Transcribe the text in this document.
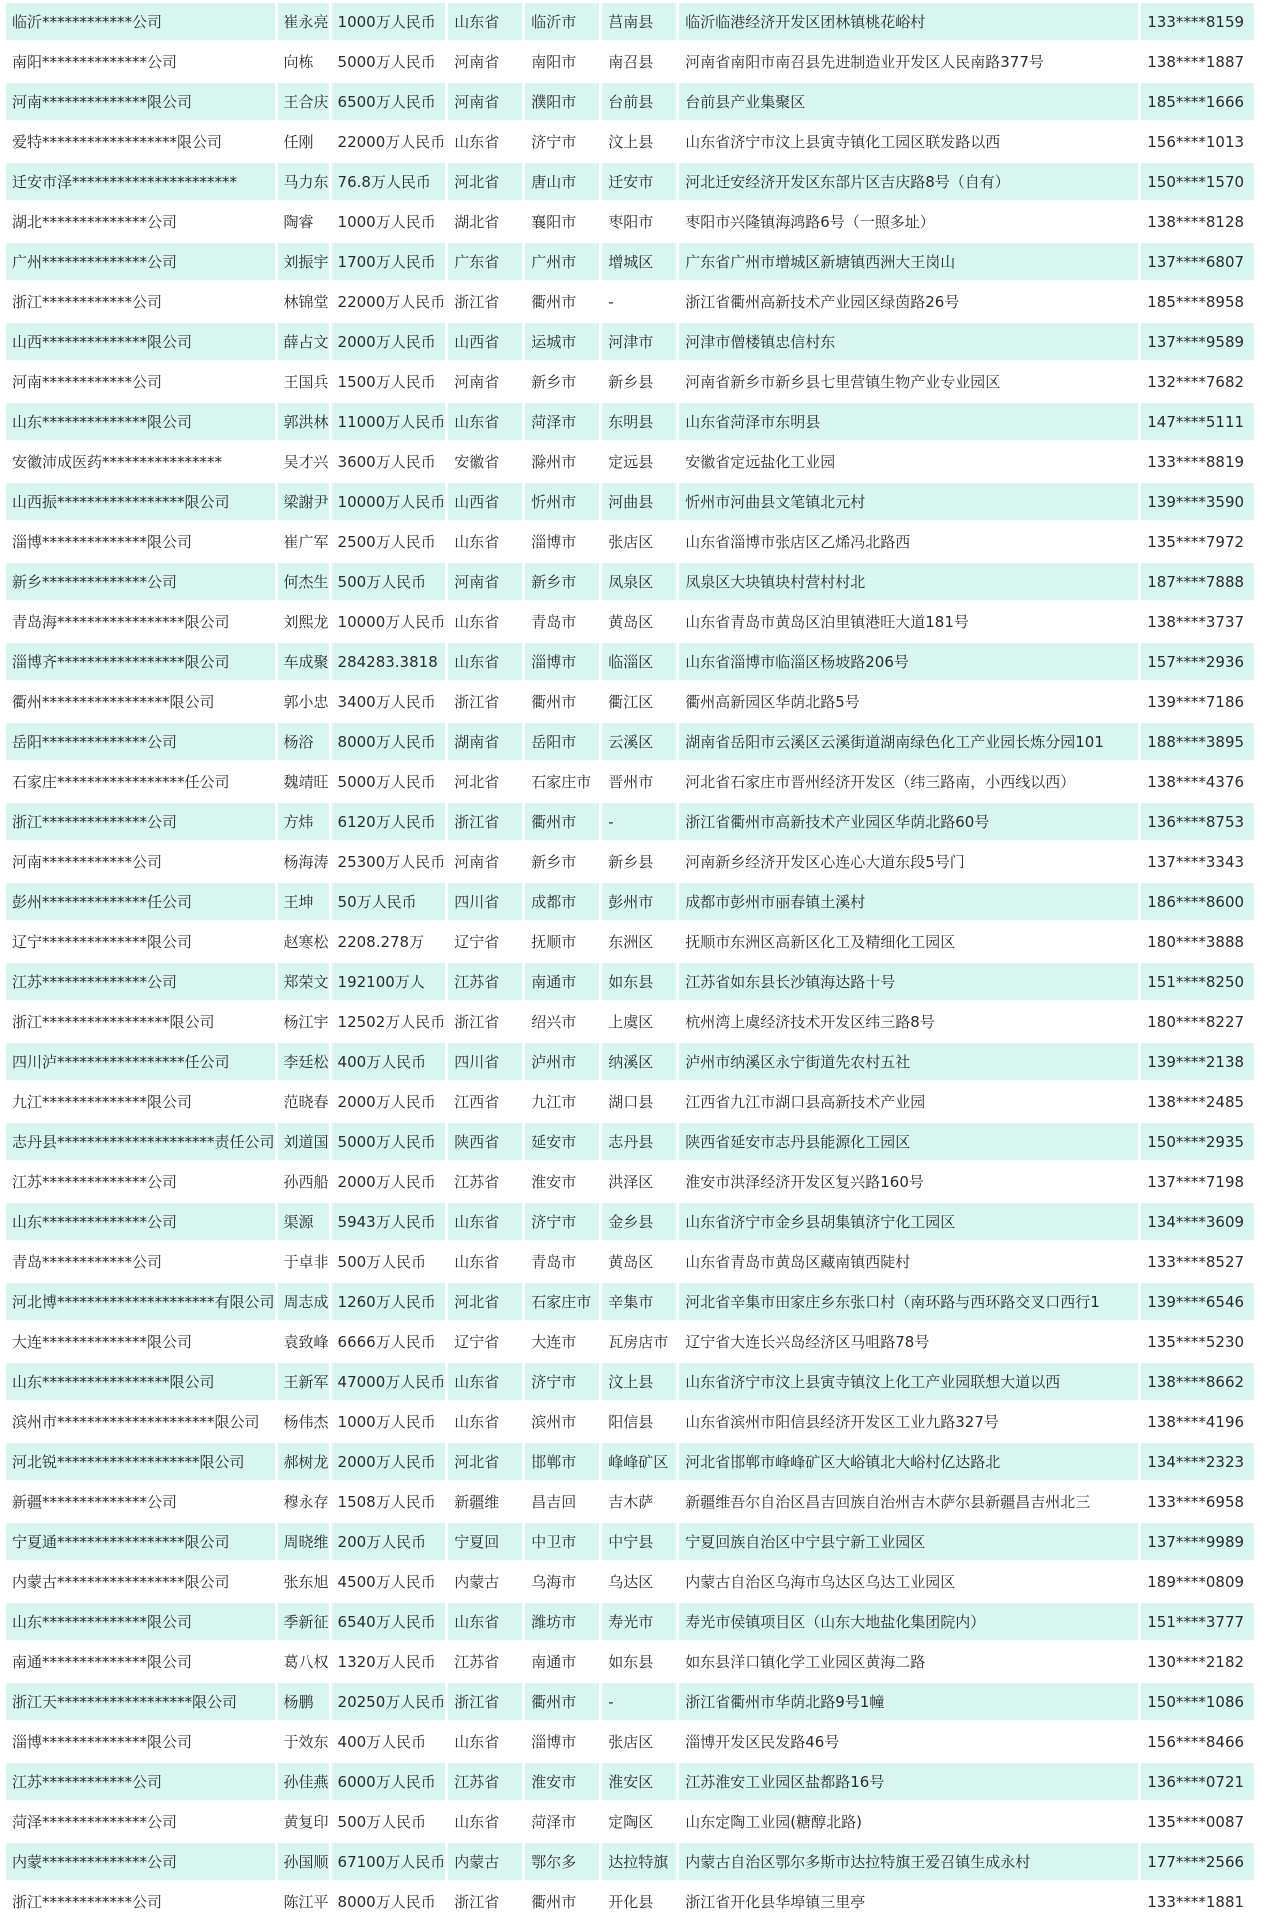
临沂************公司	崔永亮	1000万人民币	山东省	临沂市	莒南县	临沂临港经济开发区团林镇桃花峪村	133****8159
南阳**************公司	向栋	5000万人民币	河南省	南阳市	南召县	河南省南阳市南召县先进制造业开发区人民南路377号	138****1887
河南**************限公司	王合庆	6500万人民币	河南省	濮阳市	台前县	台前县产业集聚区	185****1666
爱特******************限公司	任刚	22000万人民币	山东省	济宁市	汶上县	山东省济宁市汶上县寅寺镇化工园区联发路以西	156****1013
迁安市泽**********************	马力东	76.8万人民币	河北省	唐山市	迁安市	河北迁安经济开发区东部片区吉庆路8号（自有）	150****1570
湖北**************公司	陶睿	1000万人民币	湖北省	襄阳市	枣阳市	枣阳市兴隆镇海鸿路6号（一照多址）	138****8128
广州**************公司	刘振宇	1700万人民币	广东省	广州市	增城区	广东省广州市增城区新塘镇西洲大王岗山	137****6807
浙江************公司	林锦堂	22000万人民币	浙江省	衢州市	-	浙江省衢州高新技术产业园区绿茵路26号	185****8958
山西**************限公司	薛占文	2000万人民币	山西省	运城市	河津市	河津市僧楼镇忠信村东	137****9589
河南************公司	王国兵	1500万人民币	河南省	新乡市	新乡县	河南省新乡市新乡县七里营镇生物产业专业园区	132****7682
山东**************限公司	郭洪林	11000万人民币	山东省	菏泽市	东明县	山东省菏泽市东明县	147****5111
安徽沛成医药****************	吴才兴	3600万人民币	安徽省	滁州市	定远县	安徽省定远盐化工业园	133****8819
山西振*****************限公司	梁謝尹	10000万人民币	山西省	忻州市	河曲县	忻州市河曲县文笔镇北元村	139****3590
淄博**************限公司	崔广军	2500万人民币	山东省	淄博市	张店区	山东省淄博市张店区乙烯冯北路西	135****7972
新乡**************公司	何杰生	500万人民币	河南省	新乡市	凤泉区	凤泉区大块镇块村营村村北	187****7888
青岛海*****************限公司	刘熙龙	10000万人民币	山东省	青岛市	黄岛区	山东省青岛市黄岛区泊里镇港旺大道181号	138****3737
淄博齐*****************限公司	车成聚	284283.3818	山东省	淄博市	临淄区	山东省淄博市临淄区杨坡路206号	157****2936
衢州*****************限公司	郭小忠	3400万人民币	浙江省	衢州市	衢江区	衢州高新园区华荫北路5号	139****7186
岳阳**************公司	杨浴	8000万人民币	湖南省	岳阳市	云溪区	湖南省岳阳市云溪区云溪街道湖南绿色化工产业园长炼分园101	188****3895
石家庄*****************任公司	魏靖旺	5000万人民币	河北省	石家庄市	晋州市	河北省石家庄市晋州经济开发区（纬三路南，小西线以西）	138****4376
浙江**************公司	方炜	6120万人民币	浙江省	衢州市	-	浙江省衢州市高新技术产业园区华荫北路60号	136****8753
河南************公司	杨海涛	25300万人民币	河南省	新乡市	新乡县	河南新乡经济开发区心连心大道东段5号门	137****3343
彭州**************任公司	王坤	50万人民币	四川省	成都市	彭州市	成都市彭州市丽春镇土溪村	186****8600
辽宁**************限公司	赵寒松	2208.278万	辽宁省	抚顺市	东洲区	抚顺市东洲区高新区化工及精细化工园区	180****3888
江苏**************公司	郑荣文	192100万人	江苏省	南通市	如东县	江苏省如东县长沙镇海达路十号	151****8250
浙江*****************限公司	杨江宇	12502万人民币	浙江省	绍兴市	上虞区	杭州湾上虞经济技术开发区纬三路8号	180****8227
四川泸*****************任公司	李廷松	400万人民币	四川省	泸州市	纳溪区	泸州市纳溪区永宁街道先农村五社	139****2138
九江**************限公司	范晓春	2000万人民币	江西省	九江市	湖口县	江西省九江市湖口县高新技术产业园	138****2485
志丹县*********************责任公司	刘道国	5000万人民币	陕西省	延安市	志丹县	陕西省延安市志丹县能源化工园区	150****2935
江苏**************公司	孙西船	2000万人民币	江苏省	淮安市	洪泽区	淮安市洪泽经济开发区复兴路160号	137****7198
山东**************公司	渠源	5943万人民币	山东省	济宁市	金乡县	山东省济宁市金乡县胡集镇济宁化工园区	134****3609
青岛************公司	于卓非	500万人民币	山东省	青岛市	黄岛区	山东省青岛市黄岛区藏南镇西陡村	133****8527
河北博*********************有限公司	周志成	1260万人民币	河北省	石家庄市	辛集市	河北省辛集市田家庄乡东张口村（南环路与西环路交叉口西行1	139****6546
大连**************限公司	袁致峰	6666万人民币	辽宁省	大连市	瓦房店市	辽宁省大连长兴岛经济区马咀路78号	135****5230
山东*****************限公司	王新军	47000万人民币	山东省	济宁市	汶上县	山东省济宁市汶上县寅寺镇汶上化工产业园联想大道以西	138****8662
滨州市*********************限公司	杨伟杰	1000万人民币	山东省	滨州市	阳信县	山东省滨州市阳信县经济开发区工业九路327号	138****4196
河北锐*******************限公司	郝树龙	2000万人民币	河北省	邯郸市	峰峰矿区	河北省邯郸市峰峰矿区大峪镇北大峪村亿达路北	134****2323
新疆**************公司	穆永存	1508万人民币	新疆维	昌吉回	吉木萨	新疆维吾尔自治区昌吉回族自治州吉木萨尔县新疆昌吉州北三	133****6958
宁夏通*****************限公司	周晓维	200万人民币	宁夏回	中卫市	中宁县	宁夏回族自治区中宁县宁新工业园区	137****9989
内蒙古*****************限公司	张东旭	4500万人民币	内蒙古	乌海市	乌达区	内蒙古自治区乌海市乌达区乌达工业园区	189****0809
山东**************限公司	季新征	6540万人民币	山东省	潍坊市	寿光市	寿光市侯镇项目区（山东大地盐化集团院内）	151****3777
南通**************限公司	葛八权	1320万人民币	江苏省	南通市	如东县	如东县洋口镇化学工业园区黄海二路	130****2182
浙江天******************限公司	杨鹏	20250万人民币	浙江省	衢州市	-	浙江省衢州市华荫北路9号1幢	150****1086
淄博**************限公司	于效东	400万人民币	山东省	淄博市	张店区	淄博开发区民发路46号	156****8466
江苏************公司	孙佳燕	6000万人民币	江苏省	淮安市	淮安区	江苏淮安工业园区盐都路16号	136****0721
菏泽**************公司	黄复印	500万人民币	山东省	菏泽市	定陶区	山东定陶工业园(糖醇北路)	135****0087
内蒙**************公司	孙国顺	67100万人民币	内蒙古	鄂尔多	达拉特旗	内蒙古自治区鄂尔多斯市达拉特旗王爱召镇生成永村	177****2566
浙江************公司	陈江平	8000万人民币	浙江省	衢州市	开化县	浙江省开化县华埠镇三里亭	133****1881
